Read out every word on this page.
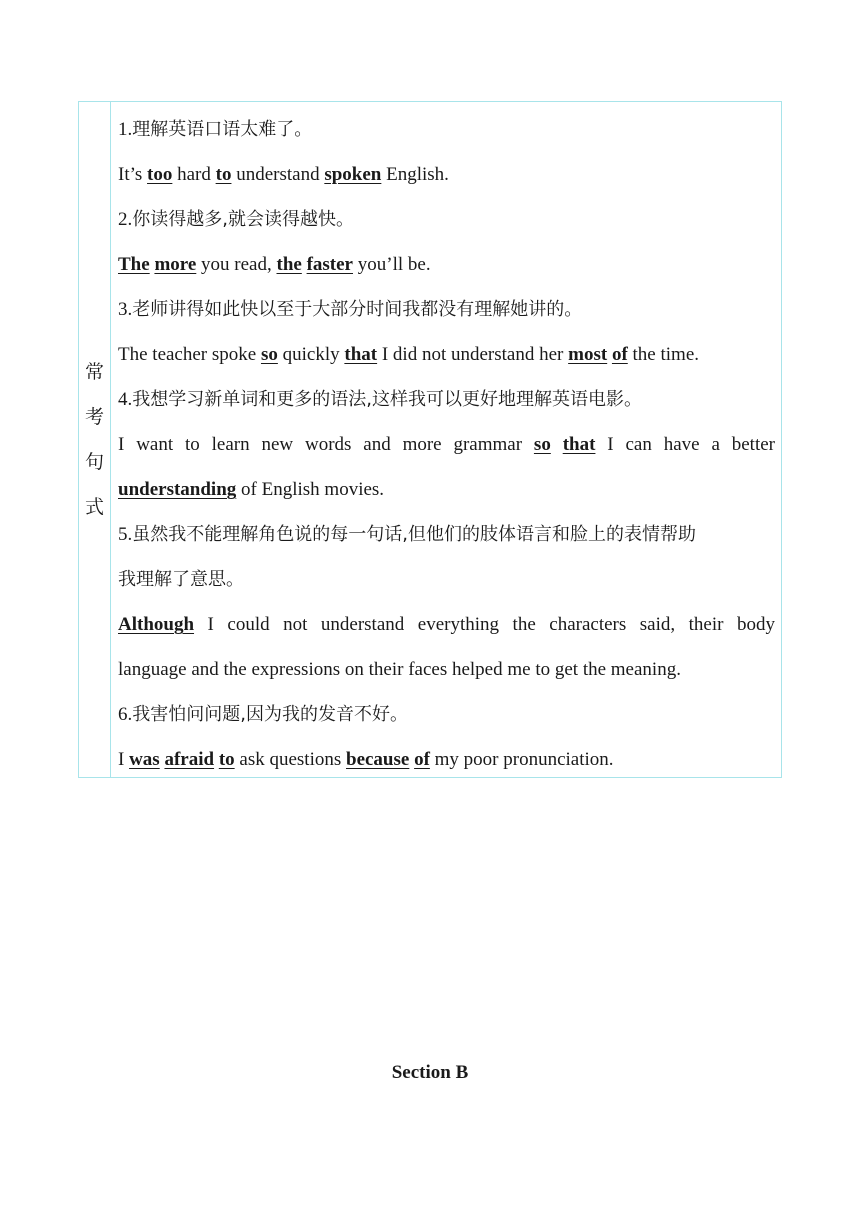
常
考
句
式
1.理解英语口语太难了。
It’s too hard to understand spoken English.
2.你读得越多,就会读得越快。
The more you read, the faster you’ll be.
3.老师讲得如此快以至于大部分时间我都没有理解她讲的。
The teacher spoke so quickly that I did not understand her most of the time.
4.我想学习新单词和更多的语法,这样我可以更好地理解英语电影。
I want to learn new words and more grammar so that I can have a better
understanding of English movies.
5.虽然我不能理解角色说的每一句话,但他们的肢体语言和脸上的表情帮助
我理解了意思。
Although I could not understand everything the characters said, their body
language and the expressions on their faces helped me to get the meaning.
6.我害怕问问题,因为我的发音不好。
I was afraid to ask questions because of my poor pronunciation.
Section B
